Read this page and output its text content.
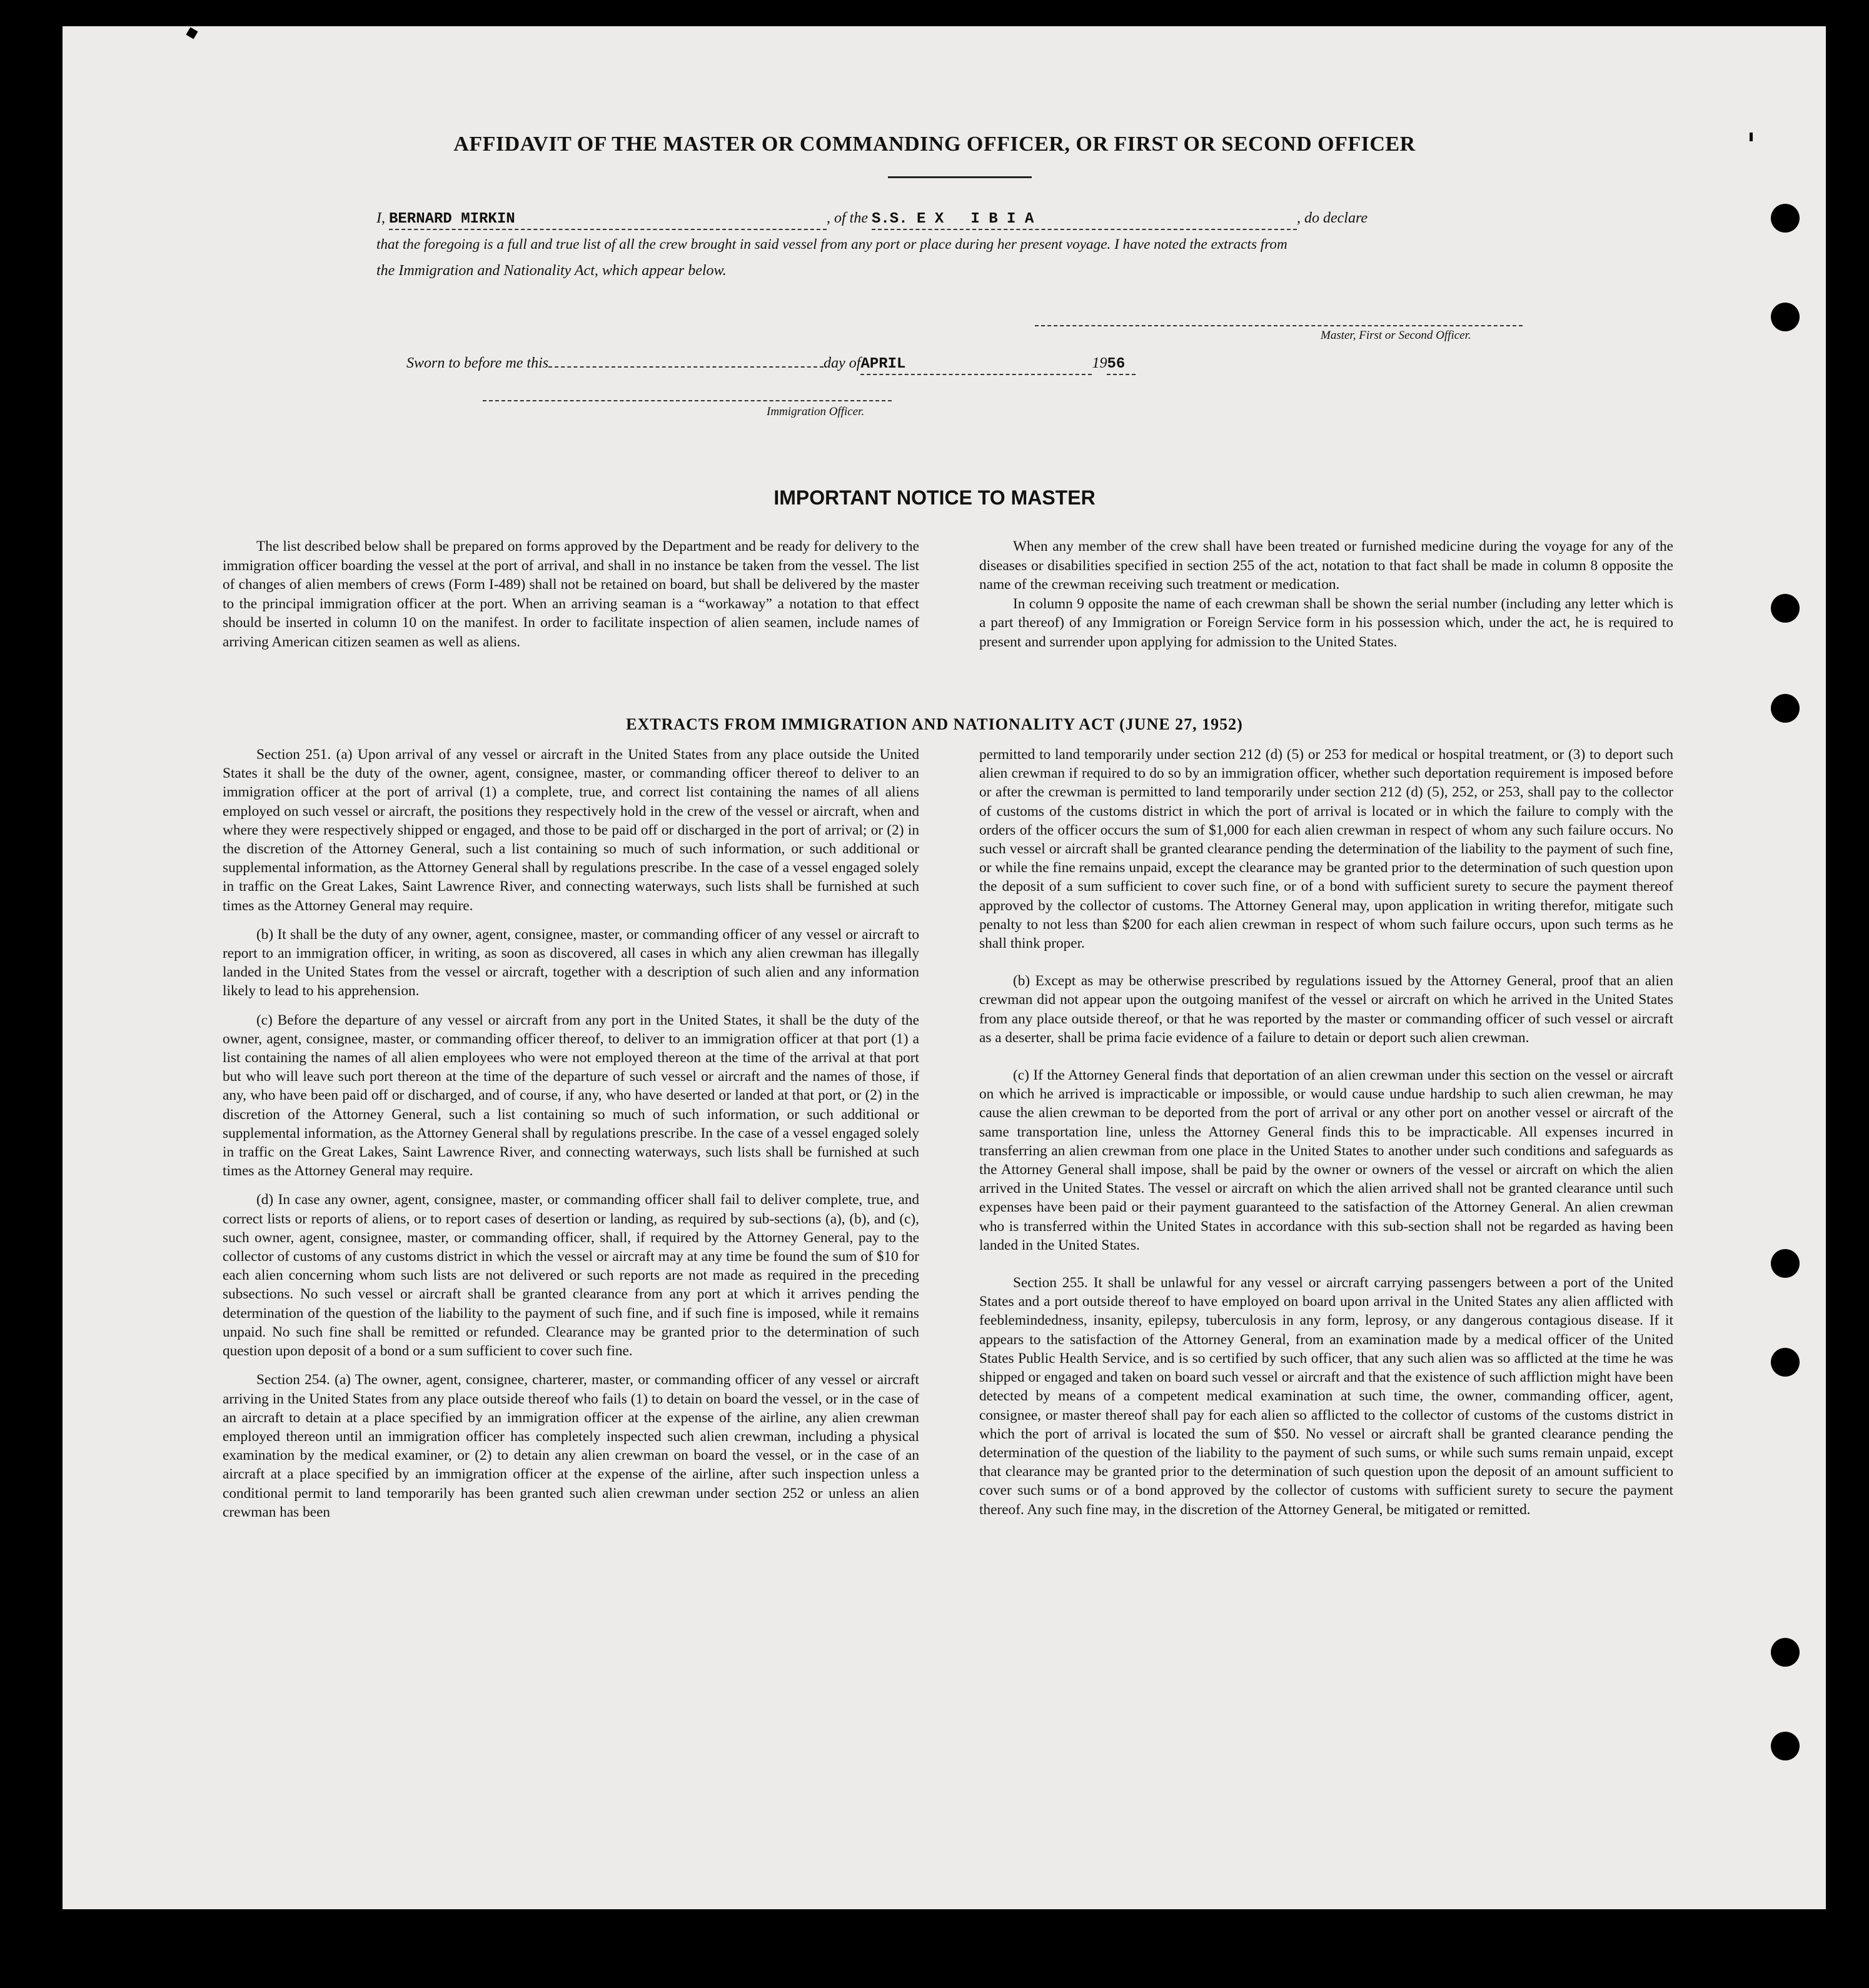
AFFIDAVIT OF THE MASTER OR COMMANDING OFFICER, OR FIRST OR SECOND OFFICER
I, BERNARD MIRKIN	, of the S.S. E X   I B I A	, do declare
that the foregoing is a full and true list of all the crew brought in said vessel from any port or place during her present voyage. I have noted the extracts from
the Immigration and Nationality Act, which appear below.
Master, First or Second Officer.
Sworn to before me this	day ofAPRIL	1956
Immigration Officer.
IMPORTANT NOTICE TO MASTER

The list described below shall be prepared on forms approved by the Department and be ready for delivery to the immigration officer boarding the vessel at the port of arrival, and shall in no instance be taken from the vessel. The list of changes of alien members of crews (Form I-489) shall not be retained on board, but shall be delivered by the master to the principal immigration officer at the port. When an arriving seaman is a “workaway” a notation to that effect should be inserted in column 10 on the manifest. In order to facilitate inspection of alien seamen, include names of arriving American citizen seamen as well as aliens.

When any member of the crew shall have been treated or furnished medicine during the voyage for any of the diseases or disabilities specified in section 255 of the act, notation to that fact shall be made in column 8 opposite the name of the crewman receiving such treatment or medication.

In column 9 opposite the name of each crewman shall be shown the serial number (including any letter which is a part thereof) of any Immigration or Foreign Service form in his possession which, under the act, he is required to present and surrender upon applying for admission to the United States.

EXTRACTS FROM IMMIGRATION AND NATIONALITY ACT (JUNE 27, 1952)

Section 251. (a) Upon arrival of any vessel or aircraft in the United States from any place outside the United States it shall be the duty of the owner, agent, consignee, master, or commanding officer thereof to deliver to an immigration officer at the port of arrival (1) a complete, true, and correct list containing the names of all aliens employed on such vessel or aircraft, the positions they respectively hold in the crew of the vessel or aircraft, when and where they were respectively shipped or engaged, and those to be paid off or discharged in the port of arrival; or (2) in the discretion of the Attorney General, such a list containing so much of such information, or such additional or supplemental information, as the Attorney General shall by regulations prescribe. In the case of a vessel engaged solely in traffic on the Great Lakes, Saint Lawrence River, and connecting waterways, such lists shall be furnished at such times as the Attorney General may require.

(b) It shall be the duty of any owner, agent, consignee, master, or commanding officer of any vessel or aircraft to report to an immigration officer, in writing, as soon as discovered, all cases in which any alien crewman has illegally landed in the United States from the vessel or aircraft, together with a description of such alien and any information likely to lead to his apprehension.

(c) Before the departure of any vessel or aircraft from any port in the United States, it shall be the duty of the owner, agent, consignee, master, or commanding officer thereof, to deliver to an immigration officer at that port (1) a list containing the names of all alien employees who were not employed thereon at the time of the arrival at that port but who will leave such port thereon at the time of the departure of such vessel or aircraft and the names of those, if any, who have been paid off or discharged, and of course, if any, who have deserted or landed at that port, or (2) in the discretion of the Attorney General, such a list containing so much of such information, or such additional or supplemental information, as the Attorney General shall by regulations prescribe. In the case of a vessel engaged solely in traffic on the Great Lakes, Saint Lawrence River, and connecting waterways, such lists shall be furnished at such times as the Attorney General may require.

(d) In case any owner, agent, consignee, master, or commanding officer shall fail to deliver complete, true, and correct lists or reports of aliens, or to report cases of desertion or landing, as required by sub-sections (a), (b), and (c), such owner, agent, consignee, master, or commanding officer, shall, if required by the Attorney General, pay to the collector of customs of any customs district in which the vessel or aircraft may at any time be found the sum of $10 for each alien concerning whom such lists are not delivered or such reports are not made as required in the preceding subsections. No such vessel or aircraft shall be granted clearance from any port at which it arrives pending the determination of the question of the liability to the payment of such fine, and if such fine is imposed, while it remains unpaid. No such fine shall be remitted or refunded. Clearance may be granted prior to the determination of such question upon deposit of a bond or a sum sufficient to cover such fine.

Section 254. (a) The owner, agent, consignee, charterer, master, or commanding officer of any vessel or aircraft arriving in the United States from any place outside thereof who fails (1) to detain on board the vessel, or in the case of an aircraft to detain at a place specified by an immigration officer at the expense of the airline, any alien crewman employed thereon until an immigration officer has completely inspected such alien crewman, including a physical examination by the medical examiner, or (2) to detain any alien crewman on board the vessel, or in the case of an aircraft at a place specified by an immigration officer at the expense of the airline, after such inspection unless a conditional permit to land temporarily has been granted such alien crewman under section 252 or unless an alien crewman has been

permitted to land temporarily under section 212 (d) (5) or 253 for medical or hospital treatment, or (3) to deport such alien crewman if required to do so by an immigration officer, whether such deportation requirement is imposed before or after the crewman is permitted to land temporarily under section 212 (d) (5), 252, or 253, shall pay to the collector of customs of the customs district in which the port of arrival is located or in which the failure to comply with the orders of the officer occurs the sum of $1,000 for each alien crewman in respect of whom any such failure occurs. No such vessel or aircraft shall be granted clearance pending the determination of the liability to the payment of such fine, or while the fine remains unpaid, except the clearance may be granted prior to the determination of such question upon the deposit of a sum sufficient to cover such fine, or of a bond with sufficient surety to secure the payment thereof approved by the collector of customs. The Attorney General may, upon application in writing therefor, mitigate such penalty to not less than $200 for each alien crewman in respect of whom such failure occurs, upon such terms as he shall think proper.

(b) Except as may be otherwise prescribed by regulations issued by the Attorney General, proof that an alien crewman did not appear upon the outgoing manifest of the vessel or aircraft on which he arrived in the United States from any place outside thereof, or that he was reported by the master or commanding officer of such vessel or aircraft as a deserter, shall be prima facie evidence of a failure to detain or deport such alien crewman.

(c) If the Attorney General finds that deportation of an alien crewman under this section on the vessel or aircraft on which he arrived is impracticable or impossible, or would cause undue hardship to such alien crewman, he may cause the alien crewman to be deported from the port of arrival or any other port on another vessel or aircraft of the same transportation line, unless the Attorney General finds this to be impracticable. All expenses incurred in transferring an alien crewman from one place in the United States to another under such conditions and safeguards as the Attorney General shall impose, shall be paid by the owner or owners of the vessel or aircraft on which the alien arrived in the United States. The vessel or aircraft on which the alien arrived shall not be granted clearance until such expenses have been paid or their payment guaranteed to the satisfaction of the Attorney General. An alien crewman who is transferred within the United States in accordance with this sub-section shall not be regarded as having been landed in the United States.

Section 255. It shall be unlawful for any vessel or aircraft carrying passengers between a port of the United States and a port outside thereof to have employed on board upon arrival in the United States any alien afflicted with feeblemindedness, insanity, epilepsy, tuberculosis in any form, leprosy, or any dangerous contagious disease. If it appears to the satisfaction of the Attorney General, from an examination made by a medical officer of the United States Public Health Service, and is so certified by such officer, that any such alien was so afflicted at the time he was shipped or engaged and taken on board such vessel or aircraft and that the existence of such affliction might have been detected by means of a competent medical examination at such time, the owner, commanding officer, agent, consignee, or master thereof shall pay for each alien so afflicted to the collector of customs of the customs district in which the port of arrival is located the sum of $50. No vessel or aircraft shall be granted clearance pending the determination of the question of the liability to the payment of such sums, or while such sums remain unpaid, except that clearance may be granted prior to the determination of such question upon the deposit of an amount sufficient to cover such sums or of a bond approved by the collector of customs with sufficient surety to secure the payment thereof. Any such fine may, in the discretion of the Attorney General, be mitigated or remitted.
